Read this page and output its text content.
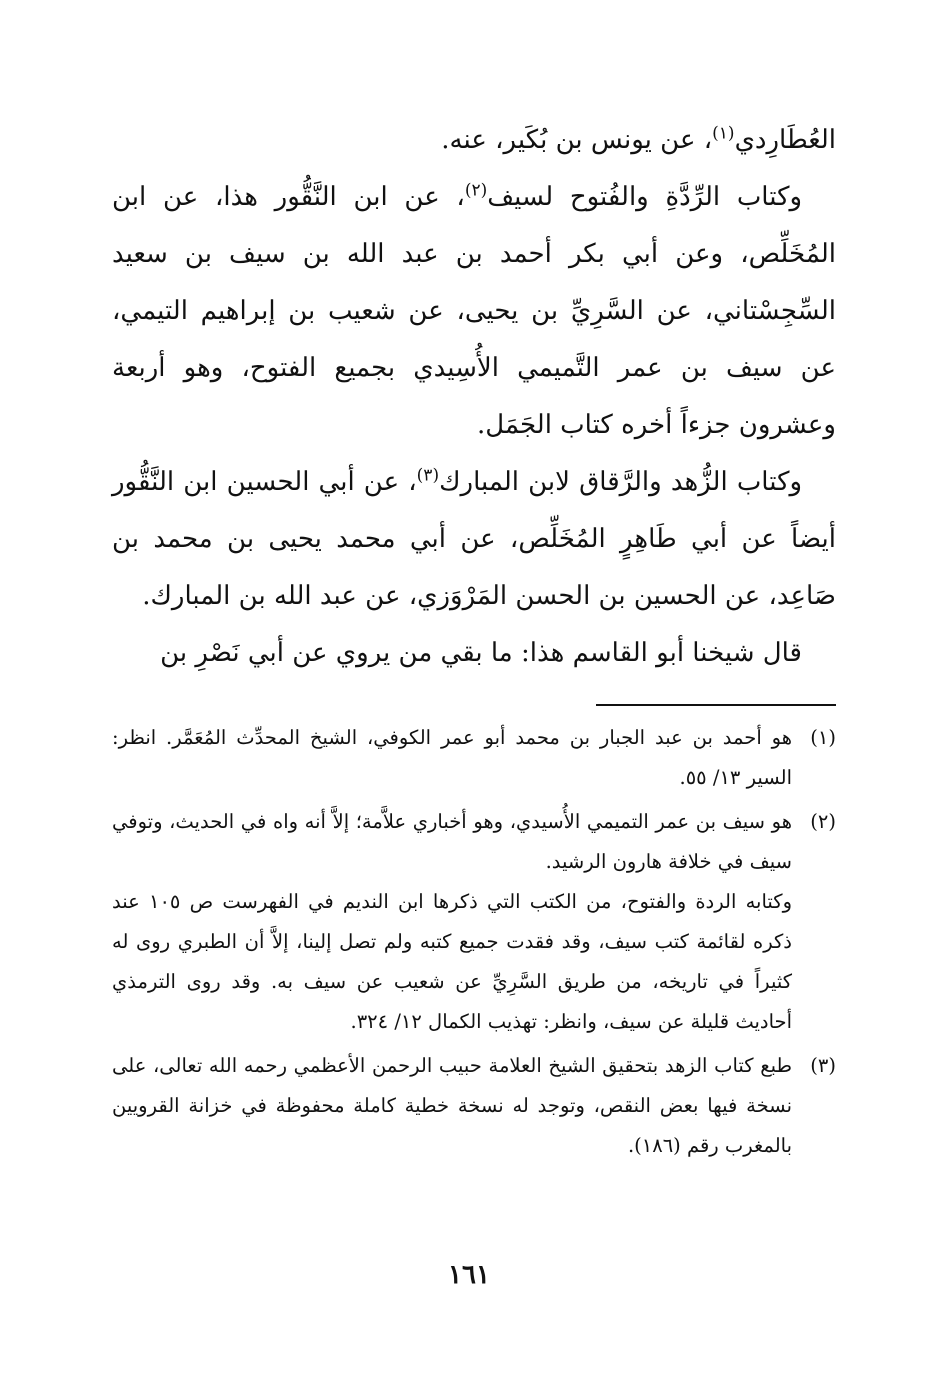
العُطَارِدي$^{(١)}$، عن يونس بن بُكَير، عنه.

وكتاب الرِّدَّةِ والفُتوح لسيف$^{(٢)}$، عن ابن النَّقُّور هذا، عن ابن المُخَلِّص، وعن أبي بكر أحمد بن عبد الله بن سيف بن سعيد السِّجِسْتاني، عن السَّرِيِّ بن يحيى، عن شعيب بن إبراهيم التيمي، عن سيف بن عمر التَّميمي الأُسِيدي بجميع الفتوح، وهو أربعة وعشرون جزءاً أخره كتاب الجَمَل.

وكتاب الزُّهد والرَّقاق لابن المبارك$^{(٣)}$، عن أبي الحسين ابن النَّقُّور أيضاً عن أبي طَاهِرٍ المُخَلِّص، عن أبي محمد يحيى بن محمد بن صَاعِد، عن الحسين بن الحسن المَرْوَزي، عن عبد الله بن المبارك.

قال شيخنا أبو القاسم هذا: ما بقي من يروي عن أبي نَصْرِ بن

(١)

هو أحمد بن عبد الجبار بن محمد أبو عمر الكوفي، الشيخ المحدِّث المُعَمَّر. انظر: السير ١٣/ ٥٥.

(٢)

هو سيف بن عمر التميمي الأُسيدي، وهو أخباري علاَّمة؛ إلاَّ أنه واه في الحديث، وتوفي سيف في خلافة هارون الرشيد.

وكتابه الردة والفتوح، من الكتب التي ذكرها ابن النديم في الفهرست ص ١٠٥ عند ذكره لقائمة كتب سيف، وقد فقدت جميع كتبه ولم تصل إلينا، إلاَّ أن الطبري روى له كثيراً في تاريخه، من طريق السَّرِيِّ عن شعيب عن سيف به. وقد روى الترمذي أحاديث قليلة عن سيف، وانظر: تهذيب الكمال ١٢/ ٣٢٤.

(٣)

طبع كتاب الزهد بتحقيق الشيخ العلامة حبيب الرحمن الأعظمي رحمه الله تعالى، على نسخة فيها بعض النقص، وتوجد له نسخة خطية كاملة محفوظة في خزانة القرويين بالمغرب رقم (١٨٦).

١٦١
